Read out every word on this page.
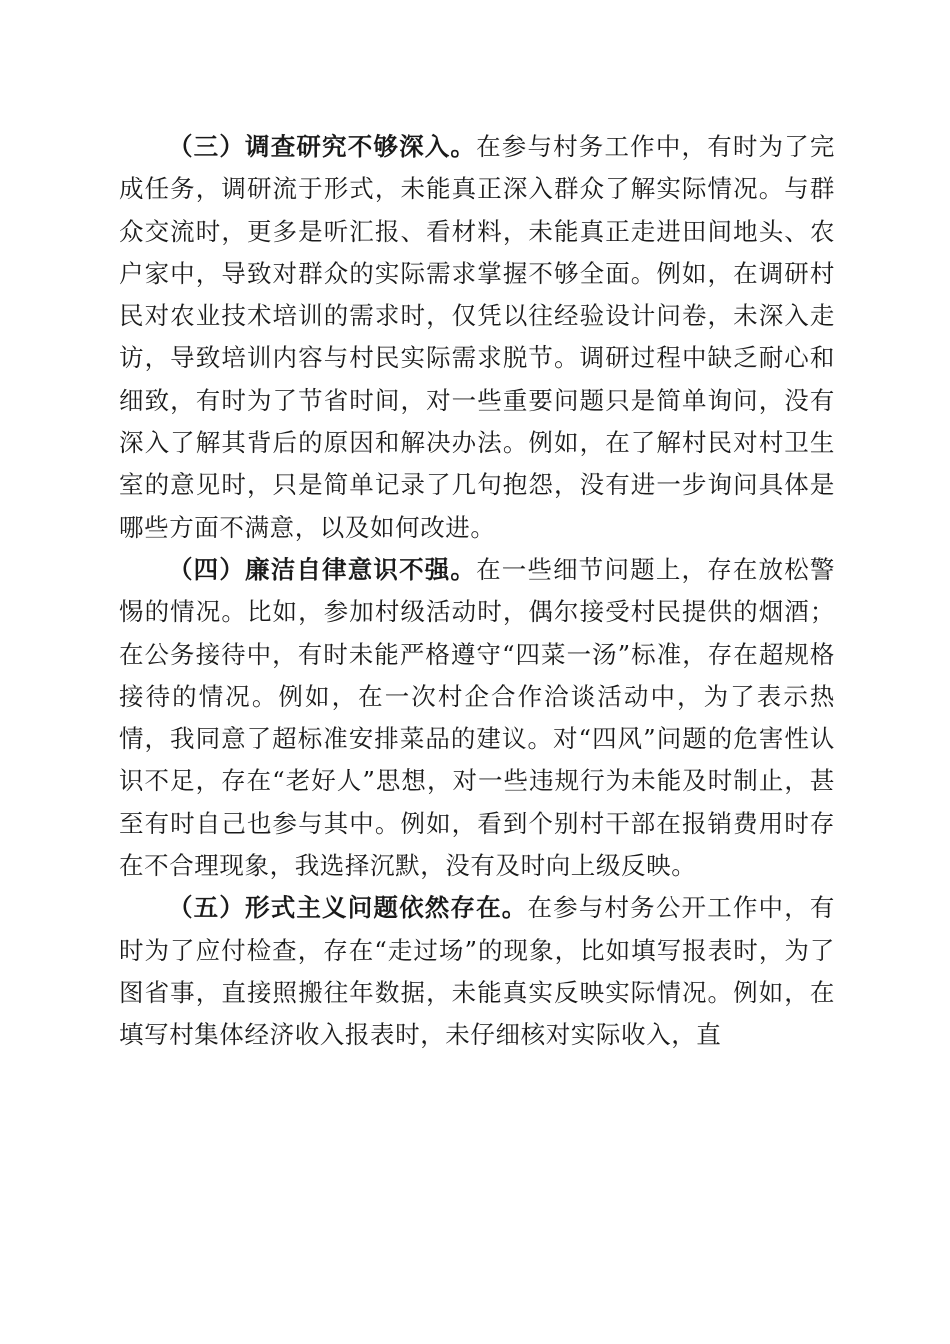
（三）调查研究不够深入。在参与村务工作中，有时为了完成任务，调研流于形式，未能真正深入群众了解实际情况。与群众交流时，更多是听汇报、看材料，未能真正走进田间地头、农户家中，导致对群众的实际需求掌握不够全面。例如，在调研村民对农业技术培训的需求时，仅凭以往经验设计问卷，未深入走访，导致培训内容与村民实际需求脱节。调研过程中缺乏耐心和细致，有时为了节省时间，对一些重要问题只是简单询问，没有深入了解其背后的原因和解决办法。例如，在了解村民对村卫生室的意见时，只是简单记录了几句抱怨，没有进一步询问具体是哪些方面不满意，以及如何改进。

（四）廉洁自律意识不强。在一些细节问题上，存在放松警惕的情况。比如，参加村级活动时，偶尔接受村民提供的烟酒；在公务接待中，有时未能严格遵守“四菜一汤”标准，存在超规格接待的情况。例如，在一次村企合作洽谈活动中，为了表示热情，我同意了超标准安排菜品的建议。对“四风”问题的危害性认识不足，存在“老好人”思想，对一些违规行为未能及时制止，甚至有时自己也参与其中。例如，看到个别村干部在报销费用时存在不合理现象，我选择沉默，没有及时向上级反映。

（五）形式主义问题依然存在。在参与村务公开工作中，有时为了应付检查，存在“走过场”的现象，比如填写报表时，为了图省事，直接照搬往年数据，未能真实反映实际情况。例如，在填写村集体经济收入报表时，未仔细核对实际收入，直
